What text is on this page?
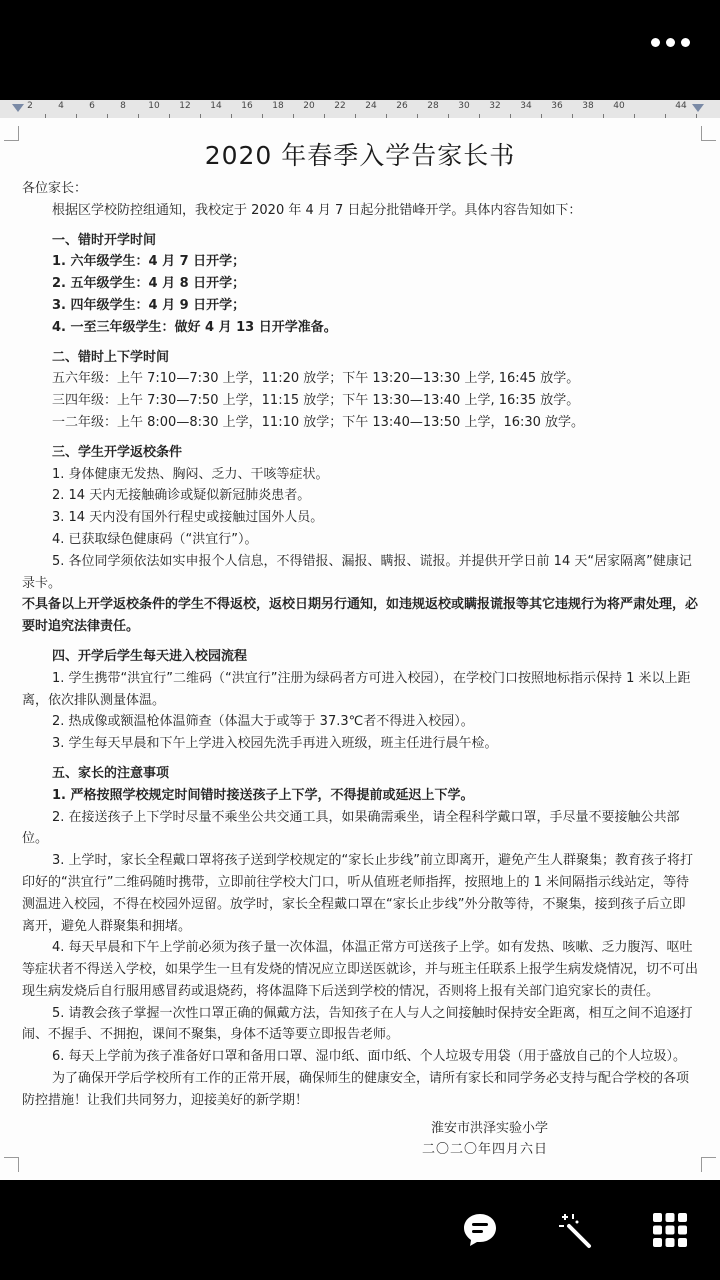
2	4	6	8 10 12 14 16 18 20 22 24 26 28 30 32 34 36 38 40	44
2020 年春季入学告家长书
各位家长：
根据区学校防控组通知，我校定于 2020 年 4 月 7 日起分批错峰开学。具体内容告知如下：
一、错时开学时间
1. 六年级学生：4 月 7 日开学；
2. 五年级学生：4 月 8 日开学；
3. 四年级学生：4 月 9 日开学；
4. 一至三年级学生：做好 4 月 13 日开学准备。
二、错时上下学时间
五六年级：上午 7:10—7:30 上学，11:20 放学；下午 13:20—13:30 上学, 16:45 放学。
三四年级：上午 7:30—7:50 上学，11:15 放学；下午 13:30—13:40 上学, 16:35 放学。
一二年级：上午 8:00—8:30 上学，11:10 放学；下午 13:40—13:50 上学，16:30 放学。
三、学生开学返校条件
1. 身体健康无发热、胸闷、乏力、干咳等症状。
2. 14 天内无接触确诊或疑似新冠肺炎患者。
3. 14 天内没有国外行程史或接触过国外人员。
4. 已获取绿色健康码（“洪宜行”）。
5. 各位同学须依法如实申报个人信息，不得错报、漏报、瞒报、谎报。并提供开学日前 14 天“居家隔离”健康记录卡。
不具备以上开学返校条件的学生不得返校，返校日期另行通知，如违规返校或瞒报谎报等其它违规行为将严肃处理，必要时追究法律责任。
四、开学后学生每天进入校园流程
1. 学生携带“洪宜行”二维码（“洪宜行”注册为绿码者方可进入校园），在学校门口按照地标指示保持 1 米以上距离，依次排队测量体温。
2. 热成像或额温枪体温筛查（体温大于或等于 37.3℃者不得进入校园）。
3. 学生每天早晨和下午上学进入校园先洗手再进入班级，班主任进行晨午检。
五、家长的注意事项
1. 严格按照学校规定时间错时接送孩子上下学，不得提前或延迟上下学。
2. 在接送孩子上下学时尽量不乘坐公共交通工具，如果确需乘坐，请全程科学戴口罩，手尽量不要接触公共部位。
3. 上学时，家长全程戴口罩将孩子送到学校规定的“家长止步线”前立即离开，避免产生人群聚集；教育孩子将打印好的“洪宜行”二维码随时携带，立即前往学校大门口，听从值班老师指挥，按照地上的 1 米间隔指示线站定，等待测温进入校园，不得在校园外逗留。放学时，家长全程戴口罩在“家长止步线”外分散等待，不聚集，接到孩子后立即离开，避免人群聚集和拥堵。
4. 每天早晨和下午上学前必须为孩子量一次体温，体温正常方可送孩子上学。如有发热、咳嗽、乏力腹泻、呕吐等症状者不得送入学校，如果学生一旦有发烧的情况应立即送医就诊，并与班主任联系上报学生病发烧情况，切不可出现生病发烧后自行服用感冒药或退烧药，将体温降下后送到学校的情况，否则将上报有关部门追究家长的责任。
5. 请教会孩子掌握一次性口罩正确的佩戴方法，告知孩子在人与人之间接触时保持安全距离，相互之间不追逐打闹、不握手、不拥抱，课间不聚集，身体不适等要立即报告老师。
6. 每天上学前为孩子准备好口罩和备用口罩、湿巾纸、面巾纸、个人垃圾专用袋（用于盛放自己的个人垃圾）。
为了确保开学后学校所有工作的正常开展，确保师生的健康安全，请所有家长和同学务必支持与配合学校的各项防控措施！让我们共同努力，迎接美好的新学期！
淮安市洪泽实验小学
二〇二〇年四月六日
